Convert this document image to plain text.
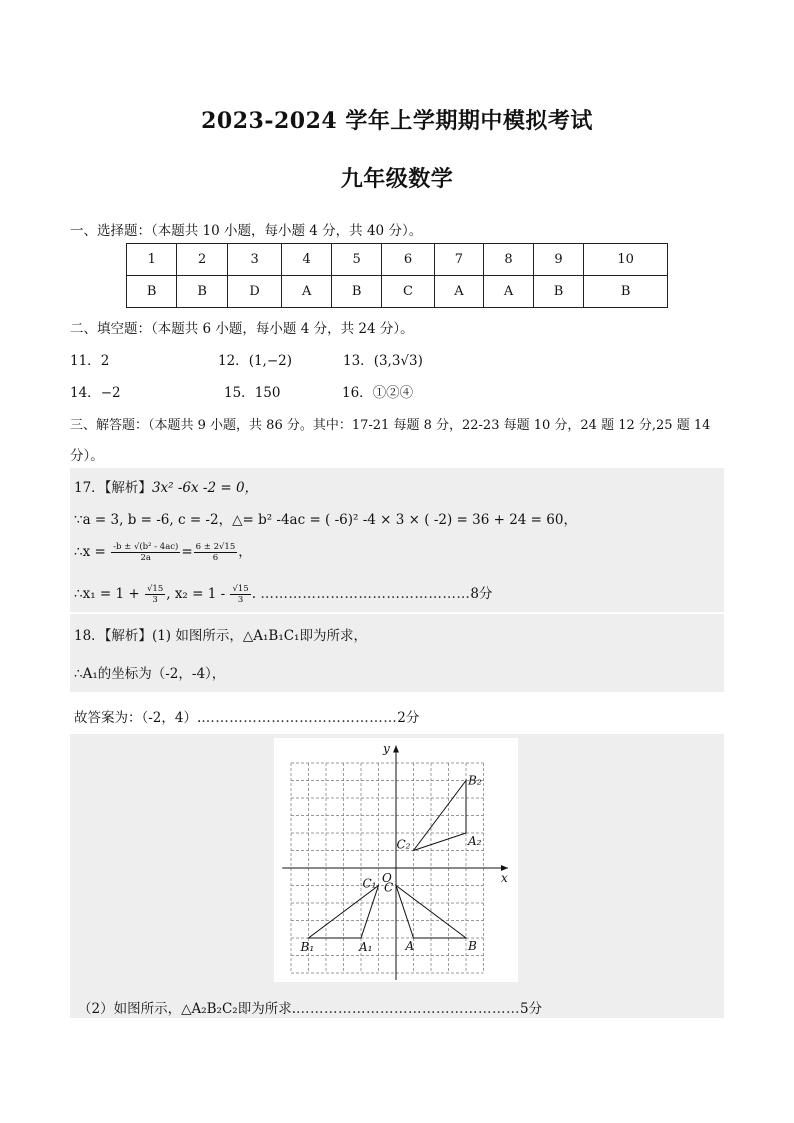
2023-2024 学年上学期期中模拟考试
九年级数学
一、选择题：（本题共 10 小题，每小题 4 分，共 40 分）。
1	2	3	4	5	6	7	8	9	10
B	B	D	A	B	C	A	A	B	B
二、填空题：（本题共 6 小题，每小题 4 分，共 24 分）。
11．2	12．(1,−2)	13．(3,3√3)
14．−2	15．150	16．①②④
三、解答题：（本题共 9 小题，共 86 分。其中：17-21 每题 8 分，22-23 每题 10 分，24 题 12 分,25 题 14
分）。
17．【解析】3x² -6x -2 = 0，
∵a = 3, b = -6, c = -2，△= b² -4ac = ( -6)² -4 × 3 × ( -2) = 36 + 24 = 60，
∴x = $\frac{\text{-b ± √(b² - 4ac)}}{2a} = \frac{6 \pm 2√15}{6}$ ，
∴x₁ = $1 + \frac{√15}{3}$ , $x_2 = 1 - \frac{√15}{3}$ . ………………………………………8分
18．【解析】(1) 如图所示，△A₁B₁C₁即为所求，
∴A₁的坐标为（-2，-4），
故答案为：（-2，4）.……………………………………2分
x
y
O
B₂
C₂	A₂
C₁ C
B₁	A₁	A	B
（2）如图所示，△A₂B₂C₂即为所求.…………………………………………5分
